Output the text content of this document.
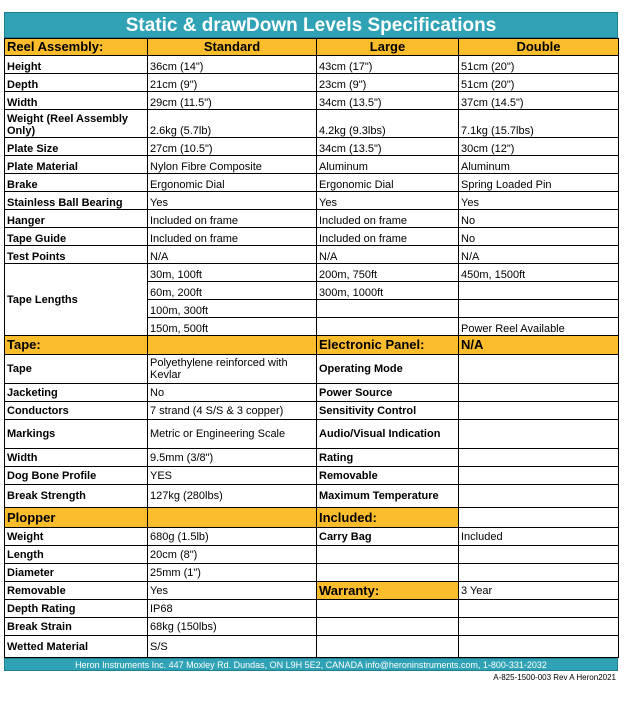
Static & drawDown Levels Specifications
Reel Assembly:	Standard	Large	Double
Height	36cm (14")	43cm (17")	51cm (20")
Depth	21cm (9")	23cm (9")	51cm (20")
Width	29cm (11.5")	34cm (13.5")	37cm (14.5")
Weight (Reel Assembly Only)	2.6kg (5.7lb)	4.2kg (9.3lbs)	7.1kg (15.7lbs)
Plate Size	27cm (10.5")	34cm (13.5")	30cm (12")
Plate Material	Nylon Fibre Composite	Aluminum	Aluminum
Brake	Ergonomic Dial	Ergonomic Dial	Spring Loaded Pin
Stainless Ball Bearing	Yes	Yes	Yes
Hanger	Included on frame	Included on frame	No
Tape Guide	Included on frame	Included on frame	No
Test Points	N/A	N/A	N/A
Tape Lengths	30m, 100ft	200m, 750ft	450m, 1500ft
	60m, 200ft	300m, 1000ft	
	100m, 300ft		
	150m, 500ft		Power Reel Available
Tape:		Electronic Panel:	N/A
Tape	Polyethylene reinforced with Kevlar	Operating Mode	
Jacketing	No	Power Source	
Conductors	7 strand (4 S/S & 3 copper)	Sensitivity Control	
Markings	Metric or Engineering Scale	Audio/Visual Indication	
Width	9.5mm (3/8")	Rating	
Dog Bone Profile	YES	Removable	
Break Strength	127kg (280lbs)	Maximum Temperature	
Plopper		Included:	
Weight	680g (1.5lb)	Carry Bag	Included
Length	20cm (8")		
Diameter	25mm (1")		
Removable	Yes	Warranty:	3 Year
Depth Rating	IP68		
Break Strain	68kg (150lbs)		
Wetted Material	S/S		
Heron Instruments Inc. 447 Moxley Rd. Dundas, ON L9H 5E2, CANADA info@heroninstruments.com, 1-800-331-2032
A-825-1500-003 Rev A Heron2021
